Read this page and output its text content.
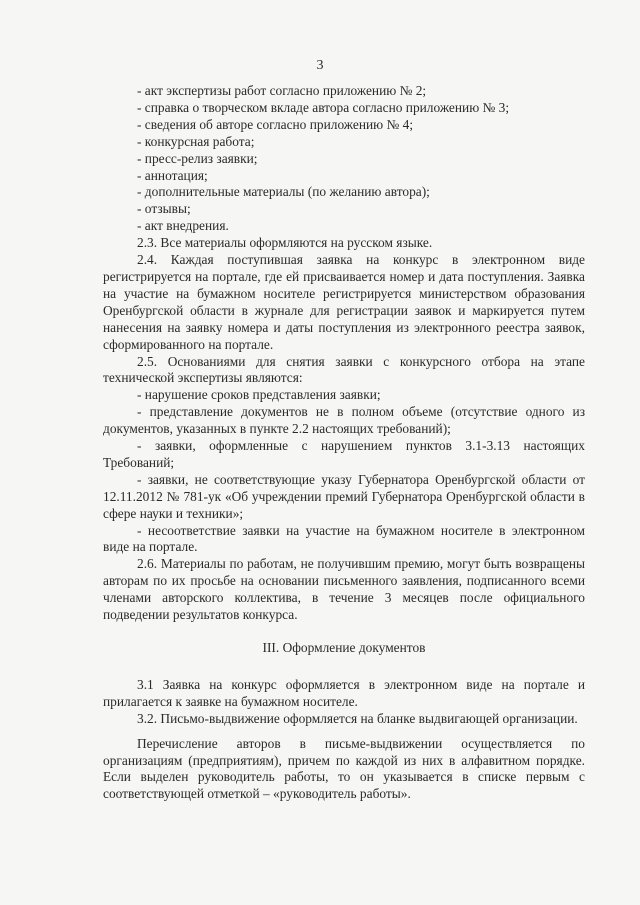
3

- акт экспертизы работ согласно приложению № 2;

- справка о творческом вкладе автора согласно приложению № 3;

- сведения об авторе согласно приложению № 4;

- конкурсная работа;

- пресс-релиз заявки;

- аннотация;

- дополнительные материалы (по желанию автора);

- отзывы;

- акт внедрения.

2.3. Все материалы оформляются на русском языке.

2.4. Каждая поступившая заявка на конкурс в электронном виде регистрируется на портале, где ей присваивается номер и дата поступления. Заявка на участие на бумажном носителе регистрируется министерством образования Оренбургской области в журнале для регистрации заявок и маркируется путем нанесения на заявку номера и даты поступления из электронного реестра заявок, сформированного на портале.

2.5. Основаниями для снятия заявки с конкурсного отбора на этапе технической экспертизы являются:

- нарушение сроков представления заявки;

- представление документов не в полном объеме (отсутствие одного из документов, указанных в пункте 2.2 настоящих требований);

- заявки, оформленные с нарушением пунктов 3.1-3.13 настоящих Требований;

- заявки, не соответствующие указу Губернатора Оренбургской области от 12.11.2012 № 781-ук «Об учреждении премий Губернатора Оренбургской области в сфере науки и техники»;

- несоответствие заявки на участие на бумажном носителе в электронном виде на портале.

2.6. Материалы по работам, не получившим премию, могут быть возвращены авторам по их просьбе на основании письменного заявления, подписанного всеми членами авторского коллектива, в течение 3 месяцев после официального подведении результатов конкурса.

III. Оформление документов

3.1 Заявка на конкурс оформляется в электронном виде на портале и прилагается к заявке на бумажном носителе.

3.2. Письмо-выдвижение оформляется на бланке выдвигающей организации.

Перечисление авторов в письме-выдвижении осуществляется по организациям (предприятиям), причем по каждой из них в алфавитном порядке. Если выделен руководитель работы, то он указывается в списке первым с соответствующей отметкой – «руководитель работы».
